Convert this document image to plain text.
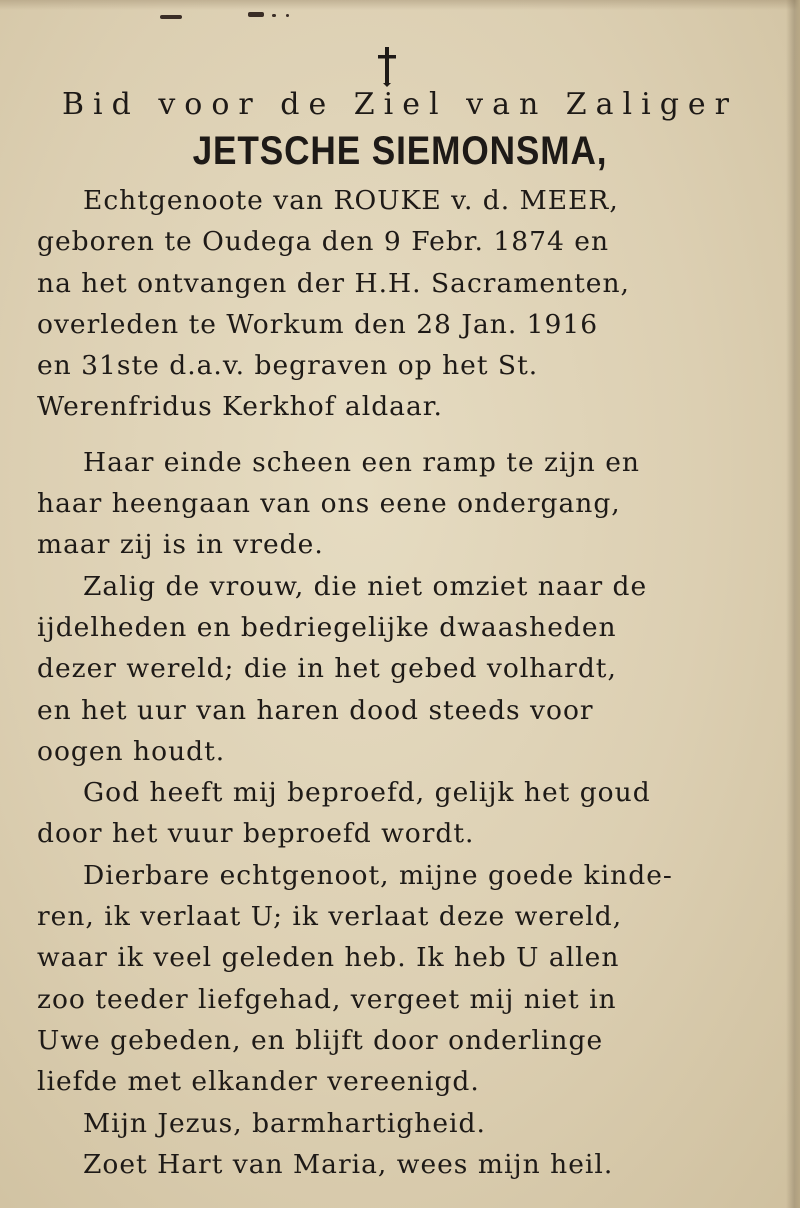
Bid voor de Ziel van Zaliger

JETSCHE SIEMONSMA,

Echtgenoote van ROUKE v. d. MEER,

geboren te Oudega den 9 Febr. 1874 en

na het ontvangen der H.H. Sacramenten,

overleden te Workum den 28 Jan. 1916

en 31ste d.a.v. begraven op het St.

Werenfridus Kerkhof aldaar.

Haar einde scheen een ramp te zijn en

haar heengaan van ons eene ondergang,

maar zij is in vrede.

Zalig de vrouw, die niet omziet naar de

ijdelheden en bedriegelijke dwaasheden

dezer wereld; die in het gebed volhardt,

en het uur van haren dood steeds voor

oogen houdt.

God heeft mij beproefd, gelijk het goud

door het vuur beproefd wordt.

Dierbare echtgenoot, mijne goede kinde-

ren, ik verlaat U; ik verlaat deze wereld,

waar ik veel geleden heb. Ik heb U allen

zoo teeder liefgehad, vergeet mij niet in

Uwe gebeden, en blijft door onderlinge

liefde met elkander vereenigd.

Mijn Jezus, barmhartigheid.

Zoet Hart van Maria, wees mijn heil.
